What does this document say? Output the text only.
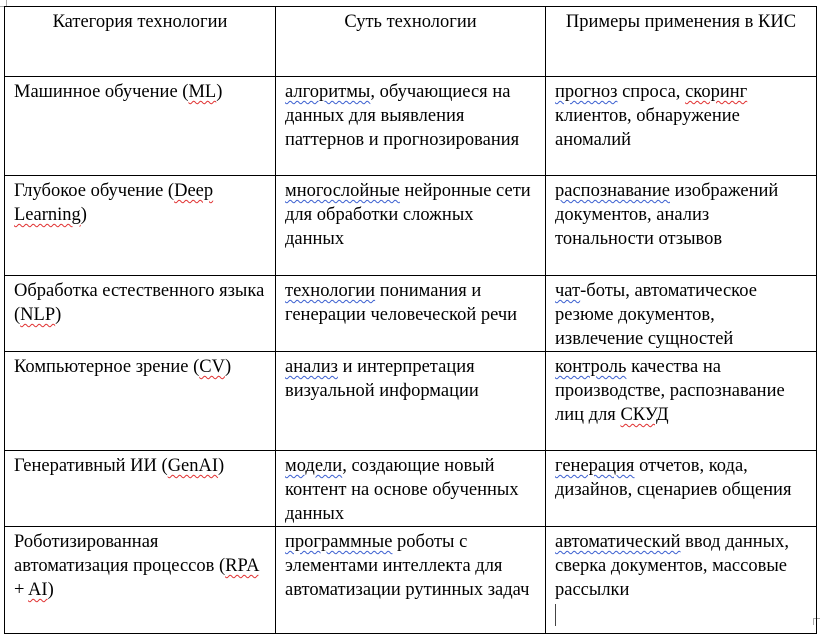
Категория технологии	Суть технологии	Примеры применения в КИС
Машинное обучение (ML)	алгоритмы, обучающиеся на данных для выявления паттернов и прогнозирования	прогноз спроса, скоринг клиентов, обнаружение аномалий
Глубокое обучение (Deep Learning)	многослойные нейронные сети для обработки сложных данных	распознавание изображений документов, анализ тональности отзывов
Обработка естественного языка (NLP)	технологии понимания и генерации человеческой речи	чат-боты, автоматическое резюме документов, извлечение сущностей
Компьютерное зрение (CV)	анализ и интерпретация визуальной информации	контроль качества на производстве, распознавание лиц для СКУД
Генеративный ИИ (GenAI)	модели, создающие новый контент на основе обученных данных	генерация отчетов, кода, дизайнов, сценариев общения
Роботизированная автоматизация процессов (RPA + AI)	программные роботы с элементами интеллекта для автоматизации рутинных задач	автоматический ввод данных, сверка документов, массовые рассылки
